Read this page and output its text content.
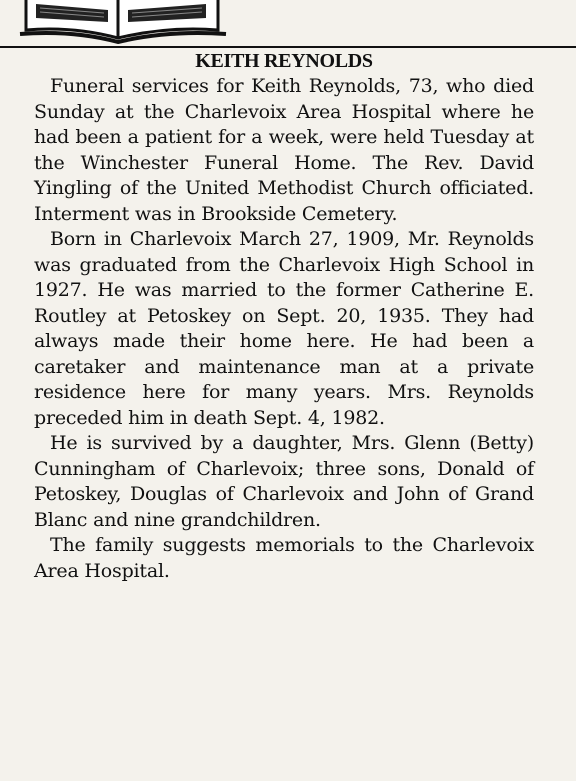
KEITH REYNOLDS

Funeral services for Keith Reynolds, 73, who died Sunday at the Charlevoix Area Hospital where he had been a patient for a week, were held Tuesday at the Winchester Funeral Home. The Rev. David Yingling of the United Methodist Church officiated. Interment was in Brookside Cemetery.

Born in Charlevoix March 27, 1909, Mr. Reynolds was graduated from the Charlevoix High School in 1927. He was married to the former Catherine E. Routley at Petoskey on Sept. 20, 1935. They had always made their home here. He had been a caretaker and maintenance man at a private residence here for many years. Mrs. Reynolds preceded him in death Sept. 4, 1982.

He is survived by a daughter, Mrs. Glenn (Betty) Cunningham of Charlevoix; three sons, Donald of Petoskey, Douglas of Charlevoix and John of Grand Blanc and nine grandchildren.

The family suggests memorials to the Charlevoix Area Hospital.
